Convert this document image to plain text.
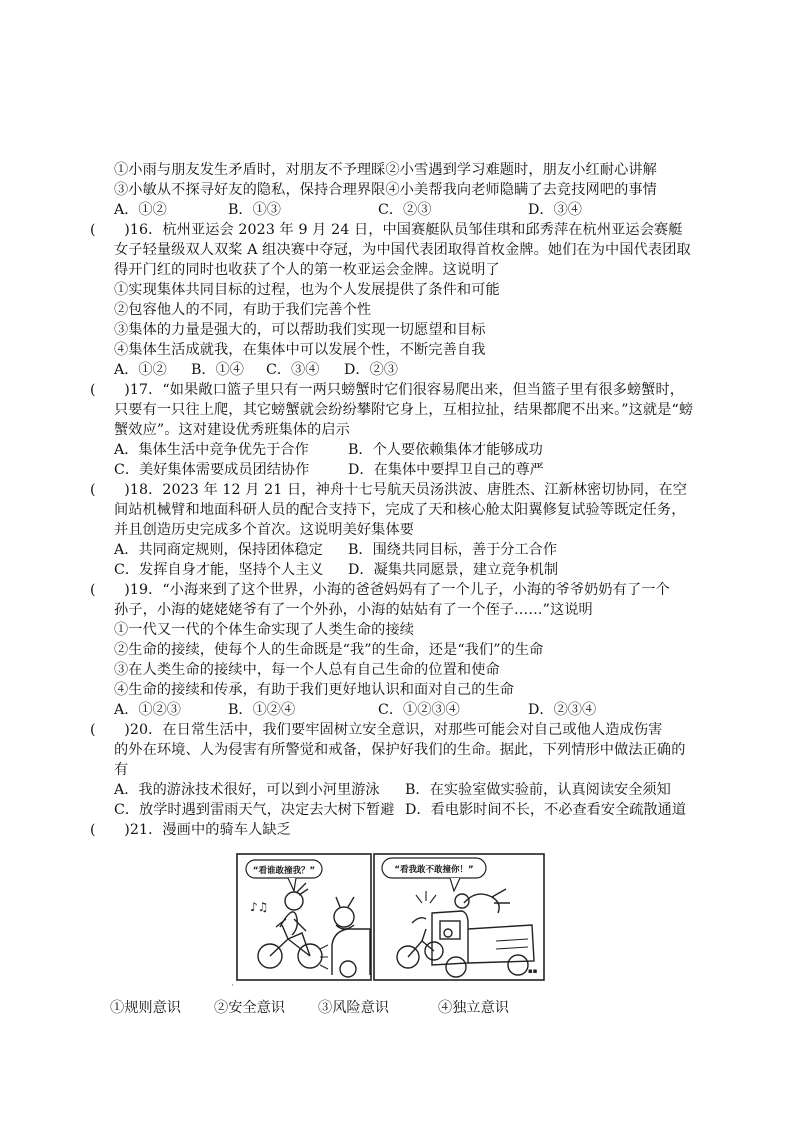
①小雨与朋友发生矛盾时，对朋友不予理睬②小雪遇到学习难题时，朋友小红耐心讲解
③小敏从不探寻好友的隐私，保持合理界限④小美帮我向老师隐瞒了去竞技网吧的事情
A．①②	B．①③	C．②③	D．③④
(　　)16．杭州亚运会 2023 年 9 月 24 日，中国赛艇队员邹佳琪和邱秀萍在杭州亚运会赛艇
女子轻量级双人双桨 A 组决赛中夺冠，为中国代表团取得首枚金牌。她们在为中国代表团取
得开门红的同时也收获了个人的第一枚亚运会金牌。这说明了
①实现集体共同目标的过程，也为个人发展提供了条件和可能
②包容他人的不同，有助于我们完善个性
③集体的力量是强大的，可以帮助我们实现一切愿望和目标
④集体生活成就我，在集体中可以发展个性，不断完善自我
A．①② B．①④ C．③④ D．②③
(　　)17．“如果敞口篮子里只有一两只螃蟹时它们很容易爬出来，但当篮子里有很多螃蟹时，
只要有一只往上爬，其它螃蟹就会纷纷攀附它身上，互相拉扯，结果都爬不出来。”这就是“螃
蟹效应”。这对建设优秀班集体的启示
A．集体生活中竞争优先于合作	B．个人要依赖集体才能够成功
C．美好集体需要成员团结协作	D．在集体中要捍卫自己的尊严
(　　)18．2023 年 12 月 21 日，神舟十七号航天员汤洪波、唐胜杰、江新林密切协同，在空
间站机械臂和地面科研人员的配合支持下，完成了天和核心舱太阳翼修复试验等既定任务，
并且创造历史完成多个首次。这说明美好集体要
A．共同商定规则，保持团体稳定 B．围绕共同目标，善于分工合作
C．发挥自身才能，坚持个人主义 D．凝集共同愿景，建立竞争机制
(　　)19．“小海来到了这个世界，小海的爸爸妈妈有了一个儿子，小海的爷爷奶奶有了一个
孙子，小海的姥姥姥爷有了一个外孙，小海的姑姑有了一个侄子……”这说明
①一代又一代的个体生命实现了人类生命的接续
②生命的接续，使每个人的生命既是“我”的生命，还是“我们”的生命
③在人类生命的接续中，每一个人总有自己生命的位置和使命
④生命的接续和传承，有助于我们更好地认识和面对自己的生命
A．①②③	B．①②④	C．①②③④	D．②③④
(　　)20．在日常生活中，我们要牢固树立安全意识，对那些可能会对自己或他人造成伤害
的外在环境、人为侵害有所警觉和戒备，保护好我们的生命。据此，下列情形中做法正确的
有
A．我的游泳技术很好，可以到小河里游泳 B．在实验室做实验前，认真阅读安全须知
C．放学时遇到雷雨天气，决定去大树下暂避 D．看电影时间不长，不必查看安全疏散通道
(　　)21．漫画中的骑车人缺乏
“看谁敢撞我？”
♪♫
“看我敢不敢撞你！”
▪▪
·
①规则意识 ②安全意识 ③风险意识	④独立意识
